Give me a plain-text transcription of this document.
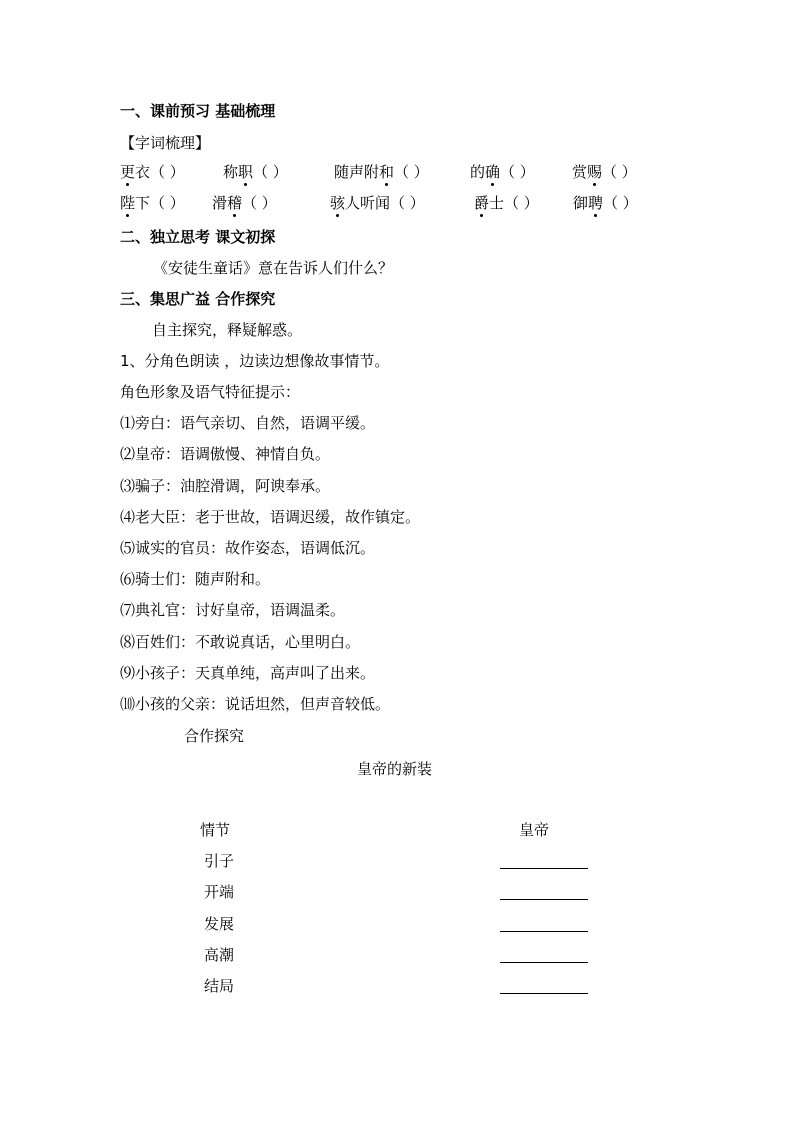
一、课前预习 基础梳理
【字词梳理】
更衣（ ）	称职（ ）	随声附和（ ）	的确（ ） 赏赐（ ）
陛下（ ） 滑稽（ ）	骇人听闻（ ）	爵士（ ） 御聘（ ）
二、独立思考 课文初探
《安徒生童话》意在告诉人们什么？
三、集思广益 合作探究
自主探究，释疑解惑。
1、分角色朗读 ，边读边想像故事情节。
角色形象及语气特征提示：
⑴旁白：语气亲切、自然，语调平缓。
⑵皇帝：语调傲慢、神情自负。
⑶骗子：油腔滑调，阿谀奉承。
⑷老大臣：老于世故，语调迟缓，故作镇定。
⑸诚实的官员：故作姿态，语调低沉。
⑹骑士们：随声附和。
⑺典礼官：讨好皇帝，语调温柔。
⑻百姓们：不敢说真话，心里明白。
⑼小孩子：天真单纯，高声叫了出来。
⑽小孩的父亲：说话坦然，但声音较低。
合作探究
皇帝的新装
情节	皇帝
引子
开端
发展
高潮
结局
